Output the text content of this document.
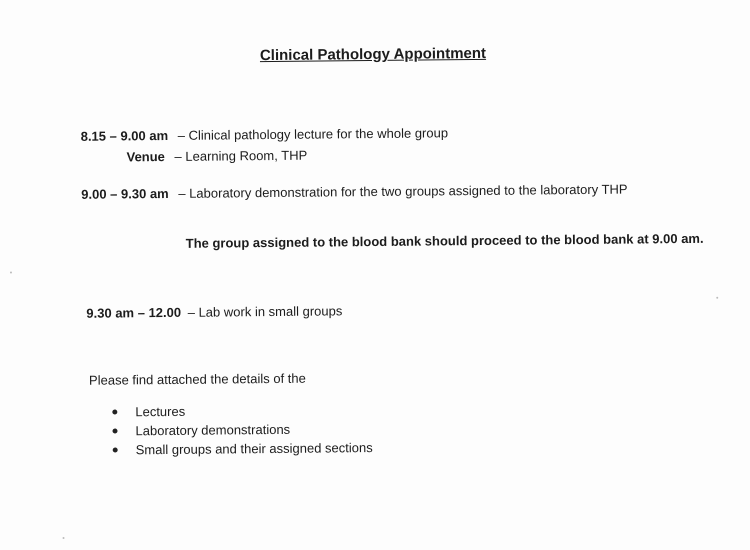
Clinical Pathology Appointment
8.15 – 9.00 am – Clinical pathology lecture for the whole group
Venue – Learning Room, THP
9.00 – 9.30 am – Laboratory demonstration for the two groups assigned to the laboratory THP
The group assigned to the blood bank should proceed to the blood bank at 9.00 am.
9.30 am – 12.00 – Lab work in small groups
Please find attached the details of the
Lectures
Laboratory demonstrations
Small groups and their assigned sections
